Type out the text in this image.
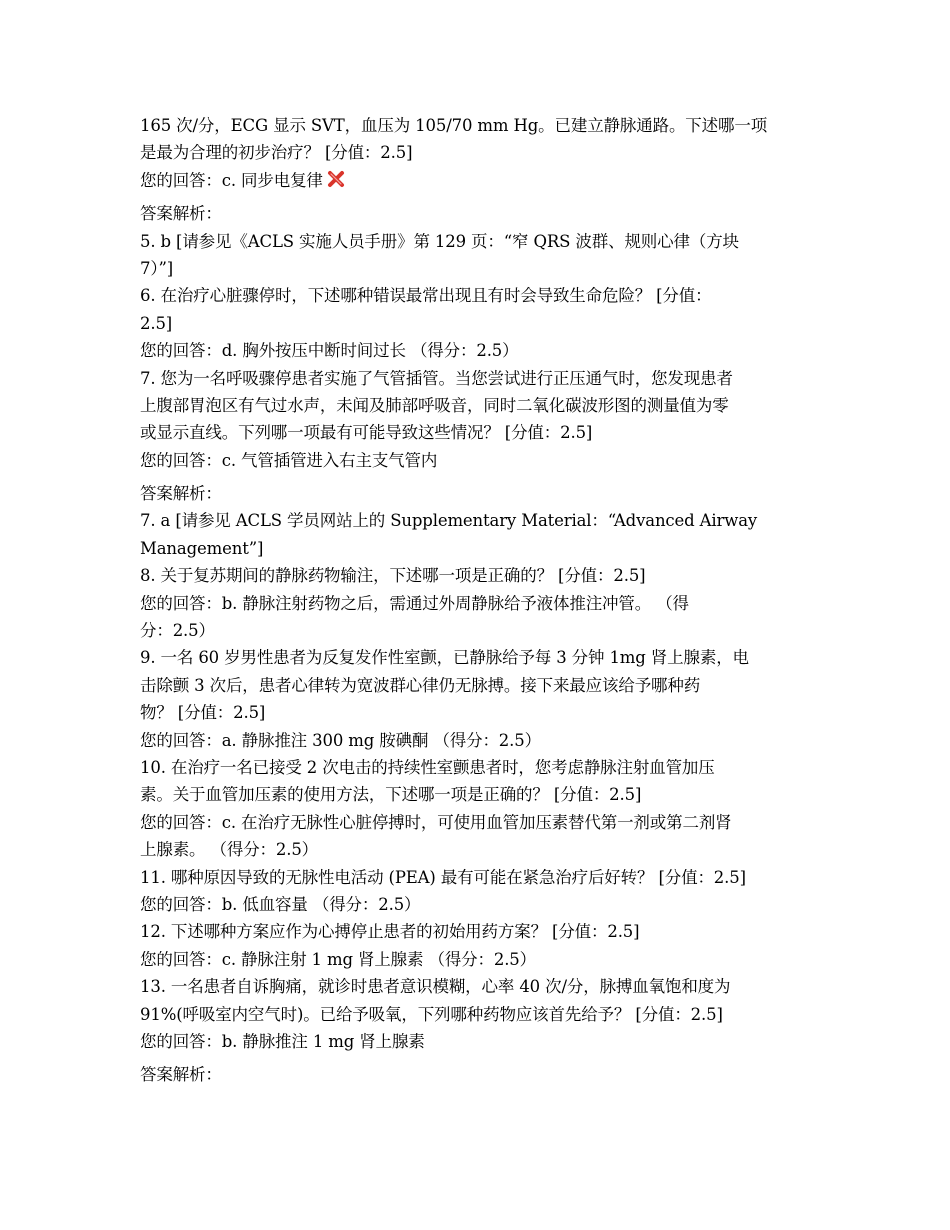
165 次/分，ECG 显示 SVT，血压为 105/70 mm Hg。已建立静脉通路。下述哪一项
是最为合理的初步治疗？ [分值：2.5]
您的回答：c. 同步电复律
答案解析：
5. b [请参见《ACLS 实施人员手册》第 129 页：“窄 QRS 波群、规则心律（方块
7）”]
6. 在治疗心脏骤停时，下述哪种错误最常出现且有时会导致生命危险？ [分值：
2.5]
您的回答：d. 胸外按压中断时间过长 （得分：2.5）
7. 您为一名呼吸骤停患者实施了气管插管。当您尝试进行正压通气时，您发现患者
上腹部胃泡区有气过水声，未闻及肺部呼吸音，同时二氧化碳波形图的测量值为零
或显示直线。下列哪一项最有可能导致这些情况？ [分值：2.5]
您的回答：c. 气管插管进入右主支气管内
答案解析：
7. a [请参见 ACLS 学员网站上的 Supplementary Material：“Advanced Airway
Management”]
8. 关于复苏期间的静脉药物输注，下述哪一项是正确的？ [分值：2.5]
您的回答：b. 静脉注射药物之后，需通过外周静脉给予液体推注冲管。 （得
分：2.5）
9. 一名 60 岁男性患者为反复发作性室颤，已静脉给予每 3 分钟 1mg 肾上腺素，电
击除颤 3 次后，患者心律转为宽波群心律仍无脉搏。接下来最应该给予哪种药
物？ [分值：2.5]
您的回答：a. 静脉推注 300 mg 胺碘酮 （得分：2.5）
10. 在治疗一名已接受 2 次电击的持续性室颤患者时，您考虑静脉注射血管加压
素。关于血管加压素的使用方法，下述哪一项是正确的？ [分值：2.5]
您的回答：c. 在治疗无脉性心脏停搏时，可使用血管加压素替代第一剂或第二剂肾
上腺素。 （得分：2.5）
11. 哪种原因导致的无脉性电活动 (PEA) 最有可能在紧急治疗后好转？ [分值：2.5]
您的回答：b. 低血容量 （得分：2.5）
12. 下述哪种方案应作为心搏停止患者的初始用药方案？ [分值：2.5]
您的回答：c. 静脉注射 1 mg 肾上腺素 （得分：2.5）
13. 一名患者自诉胸痛，就诊时患者意识模糊，心率 40 次/分，脉搏血氧饱和度为
91%(呼吸室内空气时)。已给予吸氧，下列哪种药物应该首先给予？ [分值：2.5]
您的回答：b. 静脉推注 1 mg 肾上腺素
答案解析：
